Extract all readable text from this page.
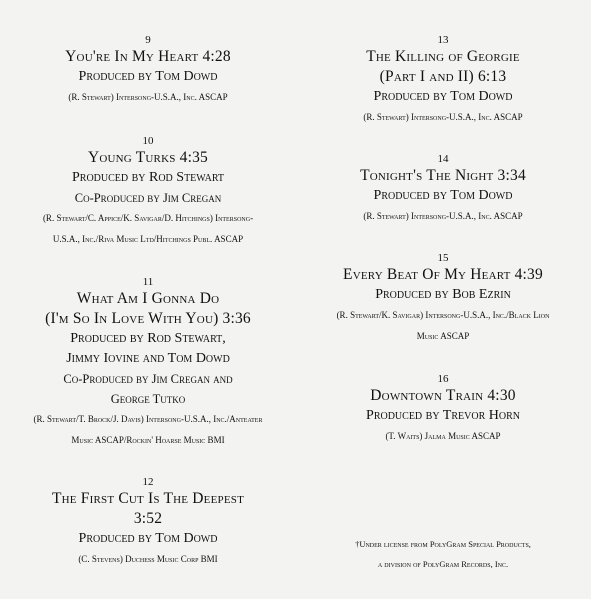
9
You're In My Heart 4:28
Produced by Tom Dowd
(R. Stewart) Intersong-U.S.A., Inc. ASCAP
10
Young Turks 4:35
Produced by Rod Stewart
Co-Produced by Jim Cregan
(R. Stewart/C. Appice/K. Savigar/D. Hitchings) Intersong-
U.S.A., Inc./Riva Music Ltd/Hitchings Publ. ASCAP
11
What Am I Gonna Do
(I'm So In Love With You) 3:36
Produced by Rod Stewart,
Jimmy Iovine and Tom Dowd
Co-Produced by Jim Cregan and
George Tutko
(R. Stewart/T. Brock/J. Davis) Intersong-U.S.A., Inc./Anteater
Music ASCAP/Rockin' Hoarse Music BMI
12
The First Cut Is The Deepest
3:52
Produced by Tom Dowd
(C. Stevens) Duchess Music Corp BMI
13
The Killing of Georgie
(Part I and II) 6:13
Produced by Tom Dowd
(R. Stewart) Intersong-U.S.A., Inc. ASCAP
14
Tonight's The Night 3:34
Produced by Tom Dowd
(R. Stewart) Intersong-U.S.A., Inc. ASCAP
15
Every Beat Of My Heart 4:39
Produced by Bob Ezrin
(R. Stewart/K. Savigar) Intersong-U.S.A., Inc./Black Lion
Music ASCAP
16
Downtown Train 4:30
Produced by Trevor Horn
(T. Waits) Jalma Music ASCAP
†Under license from PolyGram Special Products,
a division of PolyGram Records, Inc.
